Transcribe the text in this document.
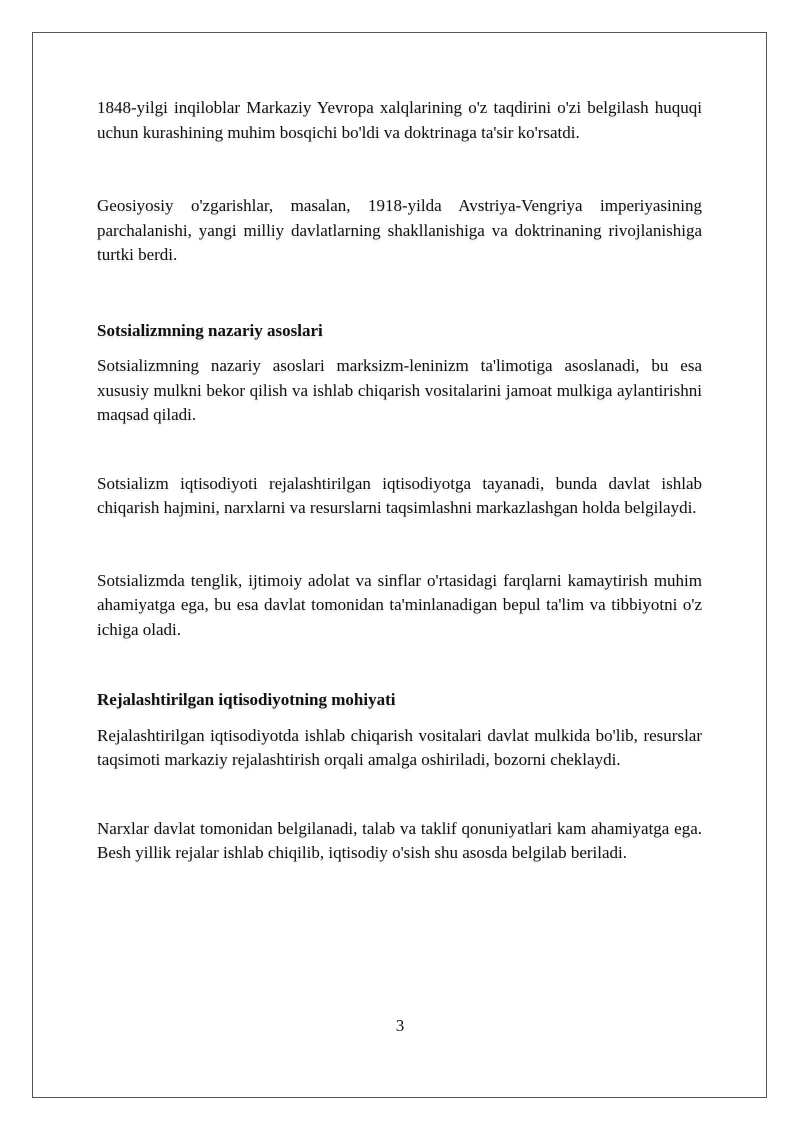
1848-yilgi inqiloblar Markaziy Yevropa xalqlarining o'z taqdirini o'zi belgilash huquqi uchun kurashining muhim bosqichi bo'ldi va doktrinaga ta'sir ko'rsatdi.

Geosiyosiy o'zgarishlar, masalan, 1918-yilda Avstriya-Vengriya imperiyasining parchalanishi, yangi milliy davlatlarning shakllanishiga va doktrinaning rivojlanishiga turtki berdi.

Sotsializmning nazariy asoslari

Sotsializmning nazariy asoslari marksizm-leninizm ta'limotiga asoslanadi, bu esa xususiy mulkni bekor qilish va ishlab chiqarish vositalarini jamoat mulkiga aylantirishni maqsad qiladi.

Sotsializm iqtisodiyoti rejalashtirilgan iqtisodiyotga tayanadi, bunda davlat ishlab chiqarish hajmini, narxlarni va resurslarni taqsimlashni markazlashgan holda belgilaydi.

Sotsializmda tenglik, ijtimoiy adolat va sinflar o'rtasidagi farqlarni kamaytirish muhim ahamiyatga ega, bu esa davlat tomonidan ta'minlanadigan bepul ta'lim va tibbiyotni o'z ichiga oladi.

Rejalashtirilgan iqtisodiyotning mohiyati

Rejalashtirilgan iqtisodiyotda ishlab chiqarish vositalari davlat mulkida bo'lib, resurslar taqsimoti markaziy rejalashtirish orqali amalga oshiriladi, bozorni cheklaydi.

Narxlar davlat tomonidan belgilanadi, talab va taklif qonuniyatlari kam ahamiyatga ega. Besh yillik rejalar ishlab chiqilib, iqtisodiy o'sish shu asosda belgilab beriladi.

3
